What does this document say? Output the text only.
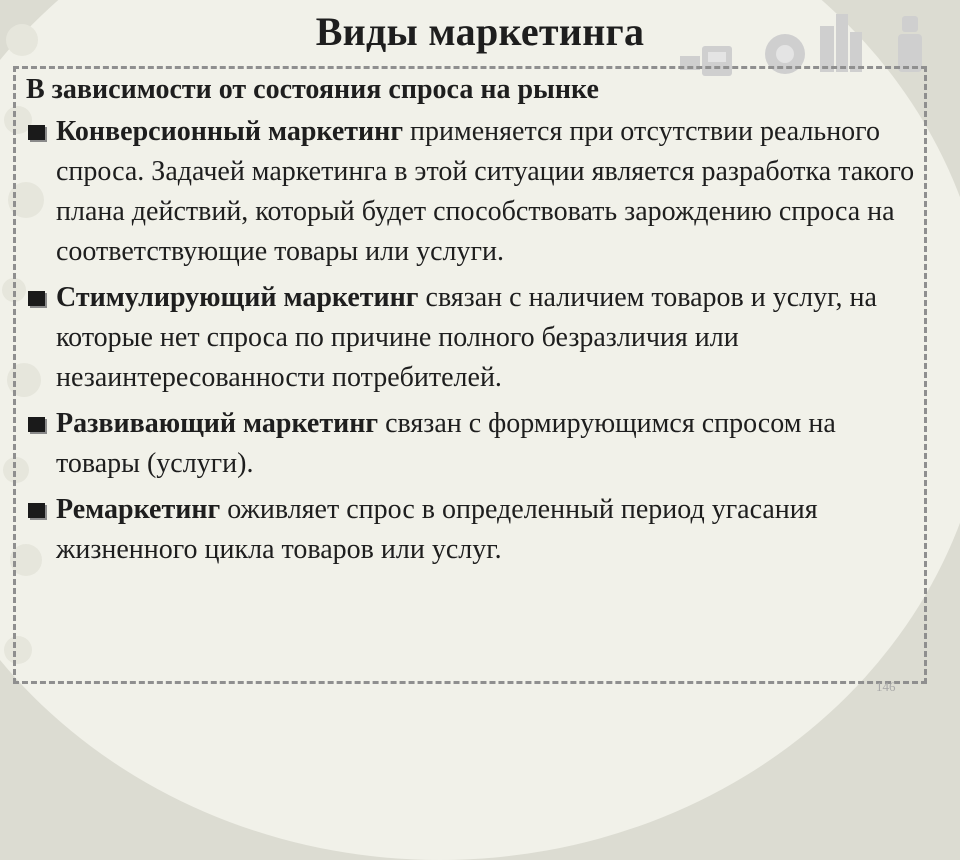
Виды маркетинга

В зависимости от состояния спроса на рынке

Конверсионный маркетинг применяется при отсутствии реального спроса. Задачей маркетинга в этой ситуации является разработка такого плана действий, который будет способствовать зарождению спроса на соответствующие товары или услуги.
Стимулирующий маркетинг связан с наличием товаров и услуг, на которые нет спроса по причине полного безразличия или незаинтересованности потребителей.
Развивающий маркетинг связан с формирующимся спросом на товары (услуги).
Ремаркетинг оживляет спрос в определенный период угасания жизненного цикла товаров или услуг.
146
